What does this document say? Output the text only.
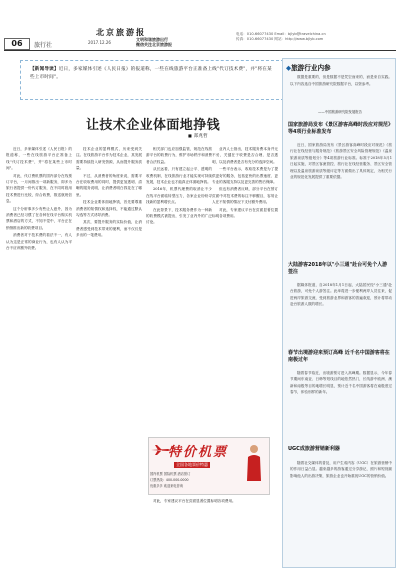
06
北京旅游报
旅行社	2017.12.26
文明和谐旅游出行
微信关注北京旅游报
电话：010-66077430 Email：bjlyb@travelchina.cn
传真：010-66077430 网站：http://www.bjlyb.com
【新闻导读】近日，多家媒体引述《人民日报》的报道称，一些在线旅游平台正准备上线"代订技术费"，并"将在某些上市时间"。
让技术企业体面地挣钱
■ 郑兆哲

近日，多家媒体引述《人民日报》的报道称，一些在线旅游平台正准备上线"代订技术费"，并"将在某些上市时间"。

对此，代订费机票的国内部分在线预订平台，一月间推出一项新服务，即多为旅行者提供一份代订服务，在不同时段用技术费进行比较，综合收费，推送航班信息。

这个分析事多少有些让人意外，因为消费者已经习惯了在各种在线平台购买机票和酒店的方式，不知不觉中，平台正在悄悄推出新的收费项目。

消费者对于技术费的看法不一，有人认为这是正常的商业行为，也有人认为平台不应该额外收费。

技术企业的盈利模式，历来受到关注。在线旅游平台作为技术企业，其发展需要持续投入研发资源，从而提升服务质量。

不过，从消费者的角度来说，需要平台在收取费用的同时，提供更加透明、清晰的服务说明，让消费者明白钱花在了哪里。

技术企业要体面地挣钱，首先要尊重消费者的知情权和选择权，不能通过默认勾选等方式诱导消费。

其次，要提升服务的实际价值，让消费者感受到技术带来的便利，而不仅仅是多出的一笔费用。

相关部门也应加强监管，规范在线旅游平台的收费行为，维护市场秩序和消费者合法权益。

从长远看，只有建立起公平、透明的收费机制，在线旅游行业才能实现可持续发展，技术企业也才能真正体面地挣钱。

2016年，机票代理费的取消让不少在线平台面临转型压力，各家企业纷纷寻找新的盈利增长点。

在此背景下，技术服务费作为一种新的收费模式被提出，引发了业内外的广泛讨论。

业内人士指出，技术服务费本身并无不妥，关键在于收费是否合理、是否透明，以及消费者是否有充分的选择空间。

一些平台表示，收取技术费是为了提供更好的服务，包括更快的出票速度、更专业的客服支持以及更完善的售后保障。

但也有消费者反映，部分平台在预订页面中对技术费的标注不够醒目，容易让人在不知情的情况下支付额外费用。

对此，专家建议平台在页面显著位置标明各项费用。

对此，专家建议平台在页面显著位置标明各项费用。

特价机票
全国各地票价特惠
国内机票 国际机票 酒店预订
订票热线：400-000-0000
优惠多多 欢迎来电咨询
◆旅游行业内参

数据是重要的，但是数据不是凭空而来的，而是来自实践。以下内容选自中国旅游研究院数据平台，以资参考。

——中国旅游研究院发展报告
国家旅游局发布《景区游客高峰时段应对规范》等4项行业标准发布

近日，国家旅游局发布《景区游客高峰时段应对规范》《旅行社在线经营与服务规范》《旅游景区安全风险管理规范》《温泉旅游泉质等级划分》等4项旅游行业标准。标准于2018年5月1日起实施，对景区客流管控、旅行社在线经营服务、景区安全管理以及温泉旅游泉质等级评定等方面做出了具体规定，为相关行业的规范化发展提供了重要依据。

大陆游客2018年以"小三通"赴台可免个人游签注

据媒体报道，自2018年1月1日起，大陆居民经"小三通"赴台旅游，可免个人游签注。此举将进一步便利两岸人员往来，促进两岸旅游交流，受到旅游业界和游客的普遍欢迎，预计将带动赴台旅游人数的增长。

春节出境游迎来预订高峰 近千名中国游客将在南极过年

随着春节临近，出境游预订进入高峰期。数据显示，今年春节期间东南亚、日韩等短线目的地依然热门，长线游中欧洲、澳新和南极等目的地增长明显，预计近千名中国游客将在南极度过春节，体验别样的新年。

UGC成旅游营销新利器

随着社交媒体的普及，用户生成内容（UGC）在旅游营销中的作用日益凸显。越来越多的游客通过分享游记、照片和短视频影响他人的出游决策，旅游企业也开始重视UGC的营销价值。
